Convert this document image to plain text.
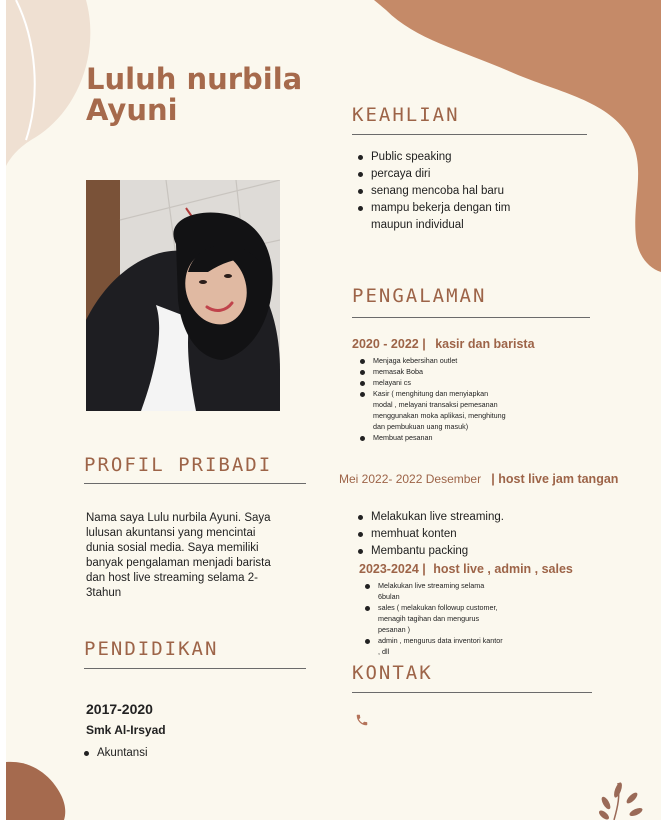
Luluh nurbila
Ayuni	KEAHLIAN
Public speaking
percaya diri
senang mencoba hal baru
mampu bekerja dengan tim maupun individual
PENGALAMAN
2020 - 2022 | kasir dan barista
Menjaga kebersihan outlet
memasak Boba
melayani cs
Kasir ( menghitung dan menyiapkan modal , melayani transaksi pemesanan menggunakan moka aplikasi, menghitung dan pembukuan uang masuk)
Membuat pesanan
Mei 2022- 2022 Desember | host live jam tangan
Melakukan live streaming.
memhuat konten
Membantu packing
2023-2024 | host live , admin , sales
Melakukan live streaming selama 6bulan
sales ( melakukan followup customer, menagih tagihan dan mengurus pesanan )
admin , mengurus data inventori kantor , dll
PROFIL PRIBADI

Nama saya Lulu nurbila Ayuni. Saya lulusan akuntansi yang mencintai dunia sosial media. Saya memiliki banyak pengalaman menjadi barista dan host live streaming selama 2-3tahun

PENDIDIKAN
2017-2020
Smk Al-Irsyad
Akuntansi
KONTAK
